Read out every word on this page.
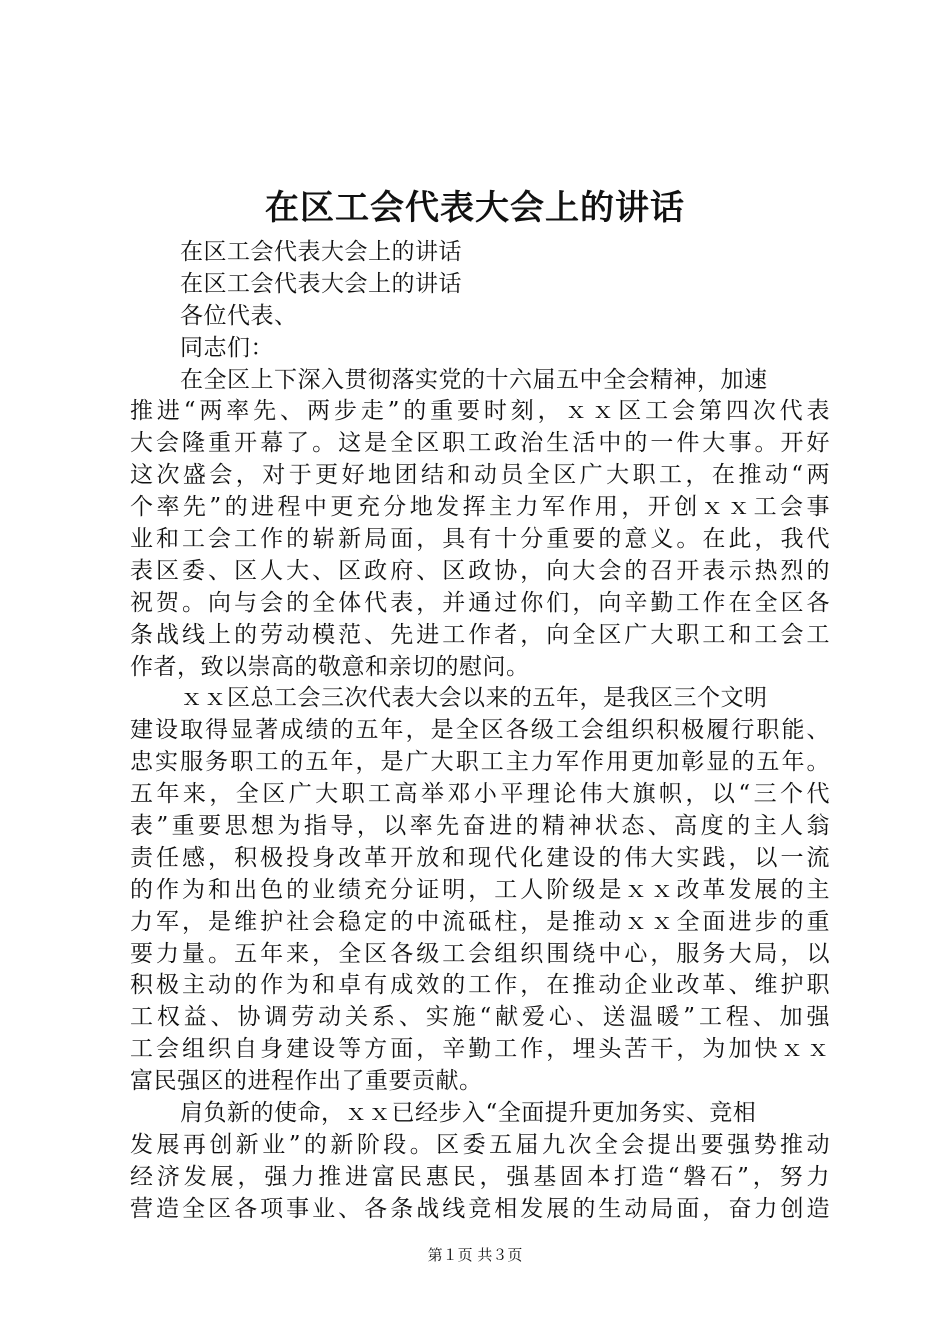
在区工会代表大会上的讲话
在区工会代表大会上的讲话
在区工会代表大会上的讲话
各位代表、
同志们：
在全区上下深入贯彻落实党的十六届五中全会精神，加速
推进“两率先、两步走”的重要时刻，ｘｘ区工会第四次代表
大会隆重开幕了。这是全区职工政治生活中的一件大事。开好
这次盛会，对于更好地团结和动员全区广大职工，在推动“两
个率先”的进程中更充分地发挥主力军作用，开创ｘｘ工会事
业和工会工作的崭新局面，具有十分重要的意义。在此，我代
表区委、区人大、区政府、区政协，向大会的召开表示热烈的
祝贺。向与会的全体代表，并通过你们，向辛勤工作在全区各
条战线上的劳动模范、先进工作者，向全区广大职工和工会工
作者，致以崇高的敬意和亲切的慰问。
ｘｘ区总工会三次代表大会以来的五年，是我区三个文明
建设取得显著成绩的五年，是全区各级工会组织积极履行职能、
忠实服务职工的五年，是广大职工主力军作用更加彰显的五年。
五年来，全区广大职工高举邓小平理论伟大旗帜，以“三个代
表”重要思想为指导，以率先奋进的精神状态、高度的主人翁
责任感，积极投身改革开放和现代化建设的伟大实践，以一流
的作为和出色的业绩充分证明，工人阶级是ｘｘ改革发展的主
力军，是维护社会稳定的中流砥柱，是推动ｘｘ全面进步的重
要力量。五年来，全区各级工会组织围绕中心，服务大局，以
积极主动的作为和卓有成效的工作，在推动企业改革、维护职
工权益、协调劳动关系、实施“献爱心、送温暖”工程、加强
工会组织自身建设等方面，辛勤工作，埋头苦干，为加快ｘｘ
富民强区的进程作出了重要贡献。
肩负新的使命，ｘｘ已经步入“全面提升更加务实、竞相
发展再创新业”的新阶段。区委五届九次全会提出要强势推动
经济发展，强力推进富民惠民，强基固本打造“磐石”，努力
营造全区各项事业、各条战线竞相发展的生动局面，奋力创造
第１页 共３页
